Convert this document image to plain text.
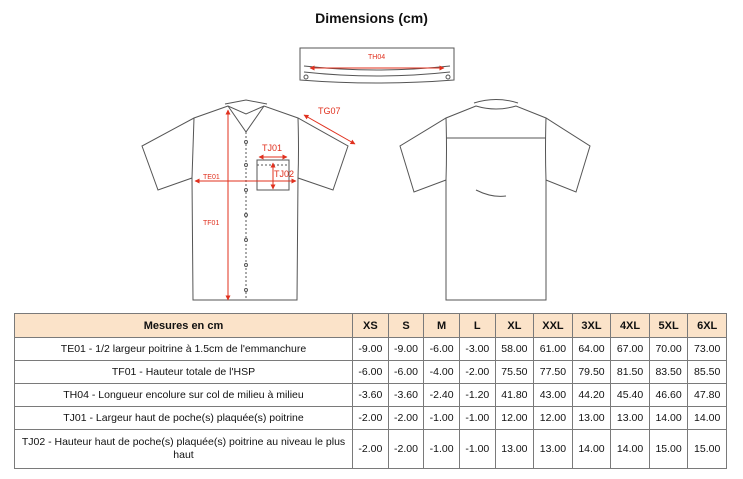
Dimensions (cm)
TH04
TF01
TE01
TJ01
TJ02
TG07
Mesures en cm	XS	S	M	L	XL	XXL	3XL	4XL	5XL	6XL
TE01 - 1/2 largeur poitrine à 1.5cm de l'emmanchure	-9.00	-9.00	-6.00	-3.00	58.00	61.00	64.00	67.00	70.00	73.00
TF01 - Hauteur totale de l'HSP	-6.00	-6.00	-4.00	-2.00	75.50	77.50	79.50	81.50	83.50	85.50
TH04 - Longueur encolure sur col de milieu à milieu	-3.60	-3.60	-2.40	-1.20	41.80	43.00	44.20	45.40	46.60	47.80
TJ01 - Largeur haut de poche(s) plaquée(s) poitrine	-2.00	-2.00	-1.00	-1.00	12.00	12.00	13.00	13.00	14.00	14.00
TJ02 - Hauteur haut de poche(s) plaquée(s) poitrine au niveau le plus haut	-2.00	-2.00	-1.00	-1.00	13.00	13.00	14.00	14.00	15.00	15.00
